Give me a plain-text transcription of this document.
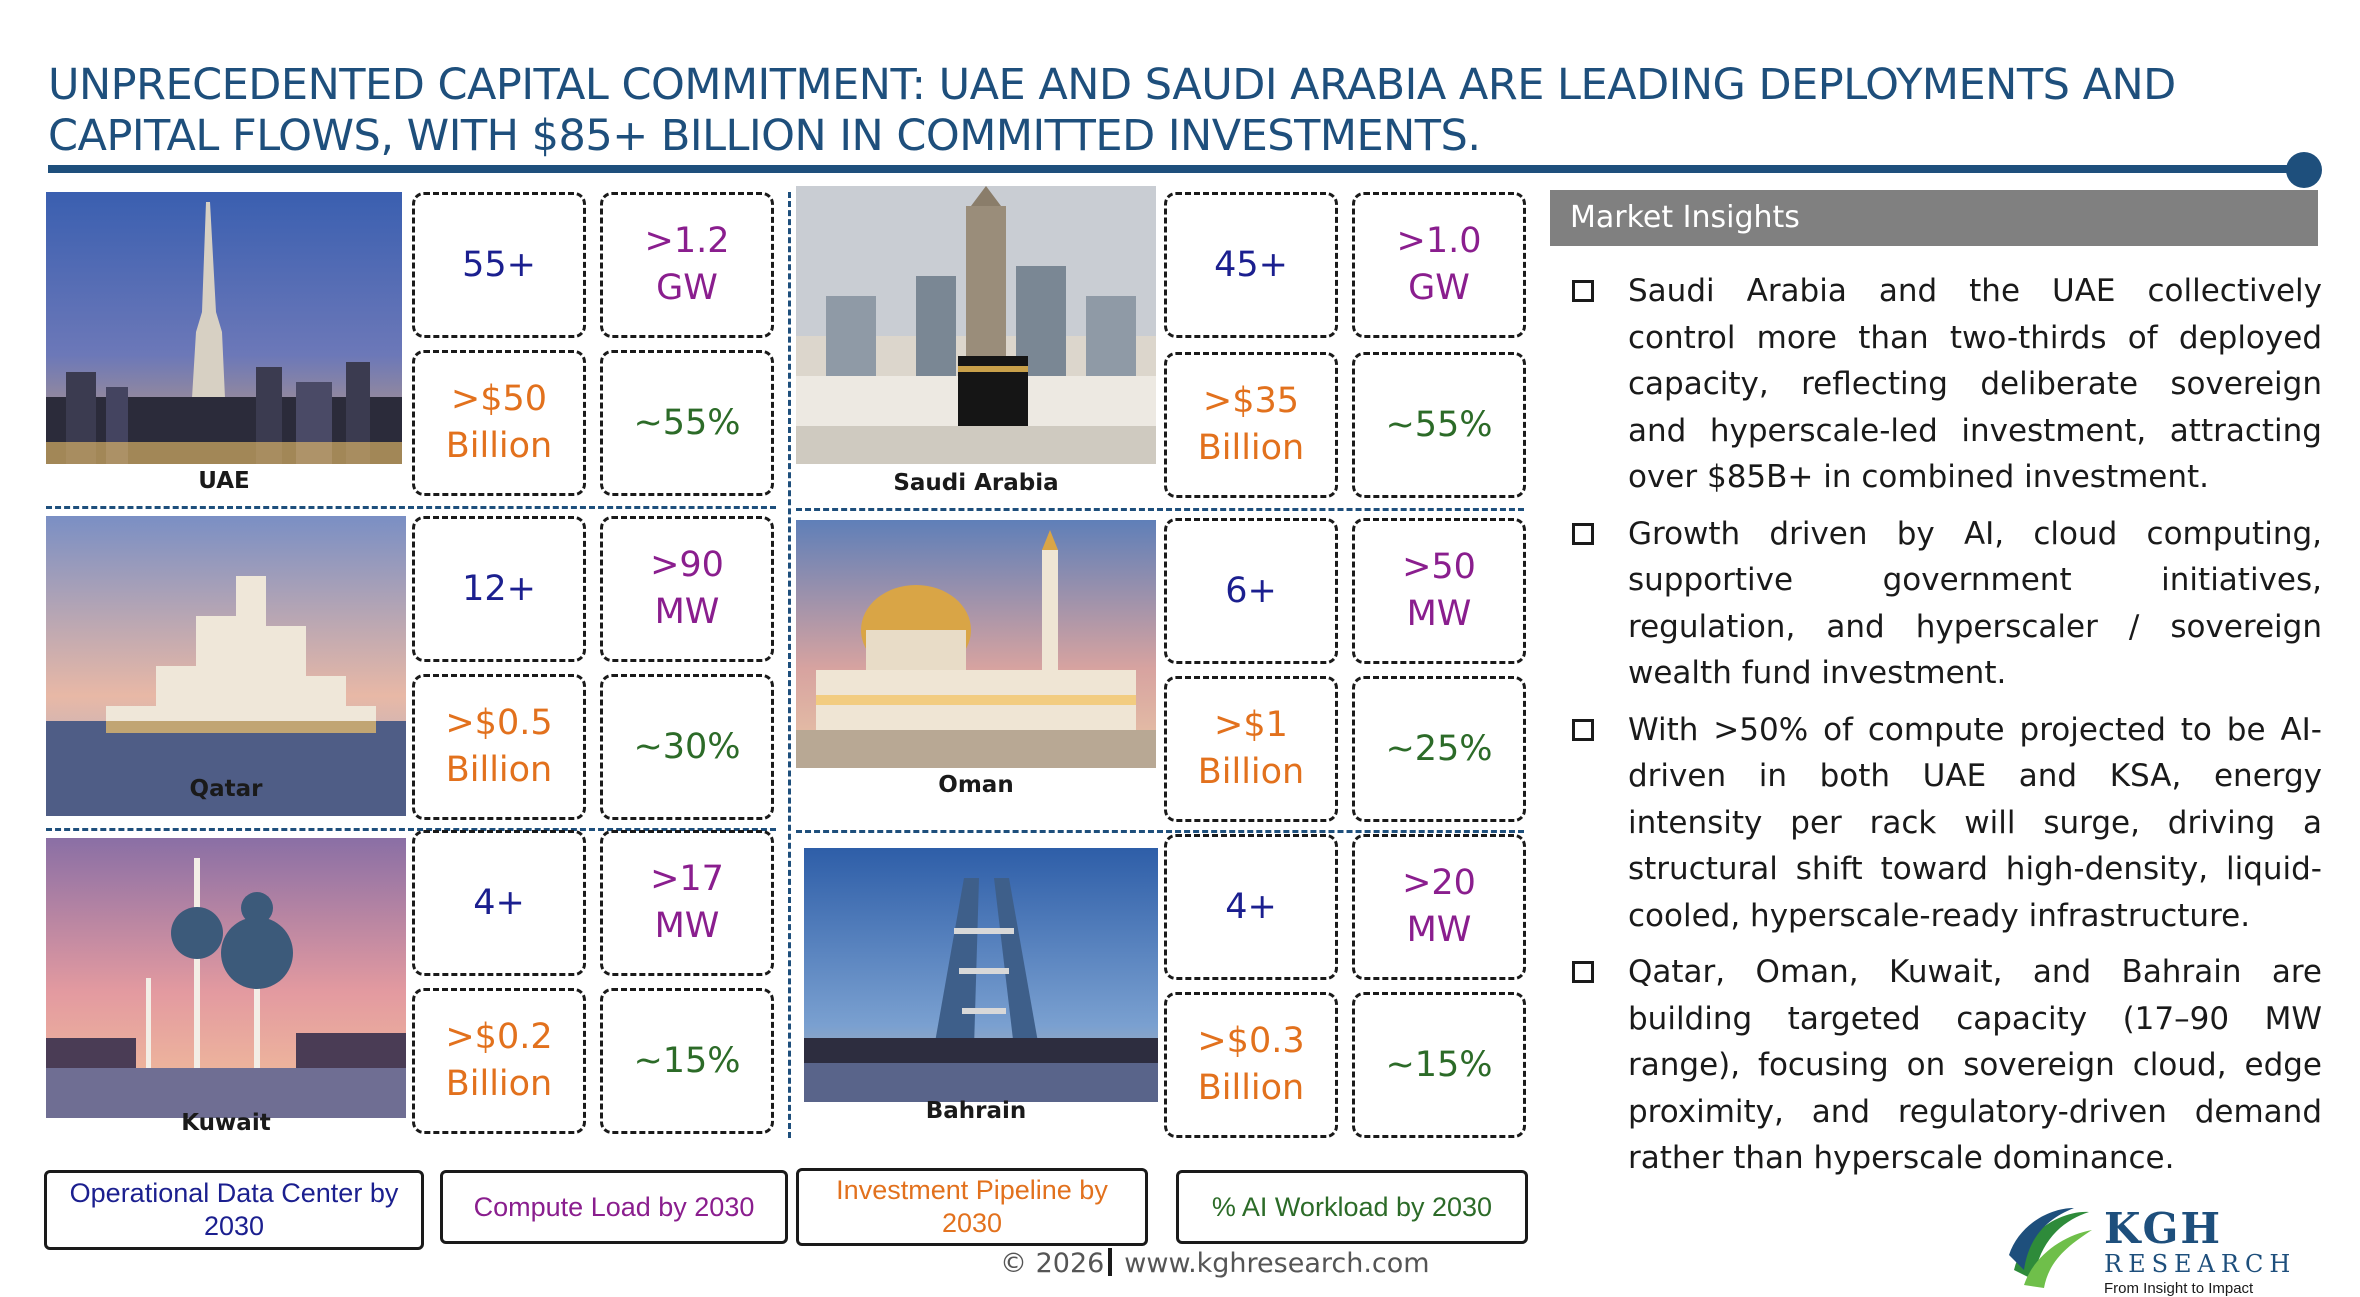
UNPRECEDENTED CAPITAL COMMITMENT: UAE AND SAUDI ARABIA ARE LEADING DEPLOYMENTS AND CAPITAL FLOWS, WITH $85+ BILLION IN COMMITTED INVESTMENTS.
UAE
55+
>1.2
GW
>$50
Billion
~55%
Qatar
12+
>90
MW
>$0.5
Billion
~30%
Kuwait
4+
>17
MW
>$0.2
Billion
~15%
Saudi Arabia
45+
>1.0
GW
>$35
Billion
~55%
Oman
6+
>50
MW
>$1
Billion
~25%
Bahrain
4+
>20
MW
>$0.3
Billion
~15%
Operational Data Center by 2030
Compute Load by 2030
Investment Pipeline by 2030
% AI Workload by 2030
Market Insights
Saudi Arabia and the UAE collectively control more than two-thirds of deployed capacity, reflecting deliberate sovereign and hyperscale-led investment, attracting over $85B+ in combined investment.
Growth driven by AI, cloud computing, supportive government initiatives, regulation, and hyperscaler / sovereign wealth fund investment.
With >50% of compute projected to be AI-driven in both UAE and KSA, energy intensity per rack will surge, driving a structural shift toward high-density, liquid-cooled, hyperscale-ready infrastructure.
Qatar, Oman, Kuwait, and Bahrain are building targeted capacity (17–90 MW range), focusing on sovereign cloud, edge proximity, and regulatory-driven demand rather than hyperscale dominance.
© 2026 www.kghresearch.com
KGH
RESEARCH
From Insight to Impact
